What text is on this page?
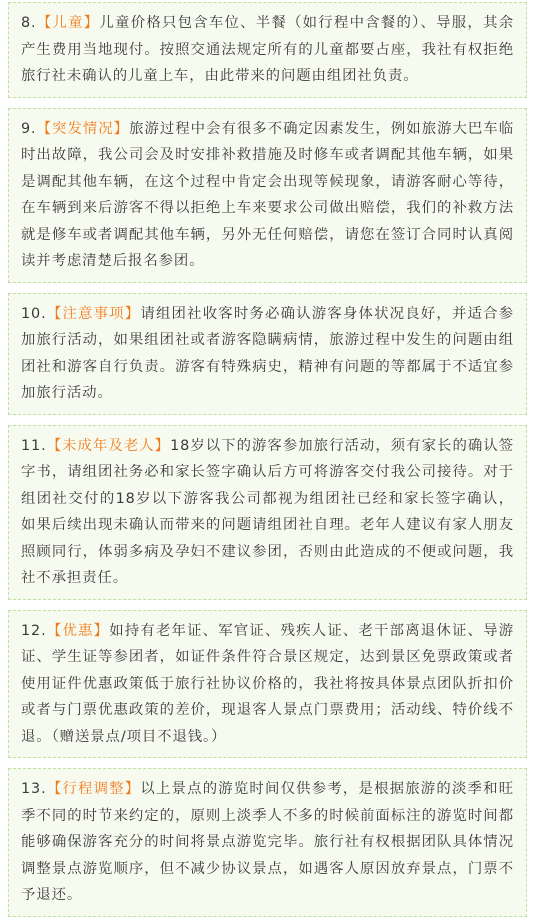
8.【儿童】儿童价格只包含车位、半餐（如行程中含餐的）、导服，其余产生费用当地现付。按照交通法规定所有的儿童都要占座，我社有权拒绝旅行社未确认的儿童上车，由此带来的问题由组团社负责。

9.【突发情况】旅游过程中会有很多不确定因素发生，例如旅游大巴车临时出故障，我公司会及时安排补救措施及时修车或者调配其他车辆，如果是调配其他车辆，在这个过程中肯定会出现等候现象，请游客耐心等待，在车辆到来后游客不得以拒绝上车来要求公司做出赔偿，我们的补救方法就是修车或者调配其他车辆，另外无任何赔偿，请您在签订合同时认真阅读并考虑清楚后报名参团。

10.【注意事项】请组团社收客时务必确认游客身体状况良好，并适合参加旅行活动，如果组团社或者游客隐瞒病情，旅游过程中发生的问题由组团社和游客自行负责。游客有特殊病史，精神有问题的等都属于不适宜参加旅行活动。

11.【未成年及老人】18岁以下的游客参加旅行活动，须有家长的确认签字书，请组团社务必和家长签字确认后方可将游客交付我公司接待。对于组团社交付的18岁以下游客我公司都视为组团社已经和家长签字确认，如果后续出现未确认而带来的问题请组团社自理。老年人建议有家人朋友照顾同行，体弱多病及孕妇不建议参团，否则由此造成的不便或问题，我社不承担责任。

12.【优惠】如持有老年证、军官证、残疾人证、老干部离退休证、导游证、学生证等参团者，如证件条件符合景区规定，达到景区免票政策或者使用证件优惠政策低于旅行社协议价格的，我社将按具体景点团队折扣价或者与门票优惠政策的差价，现退客人景点门票费用；活动线、特价线不退。（赠送景点/项目不退钱。）

13.【行程调整】以上景点的游览时间仅供参考，是根据旅游的淡季和旺季不同的时节来约定的，原则上淡季人不多的时候前面标注的游览时间都能够确保游客充分的时间将景点游览完毕。旅行社有权根据团队具体情况调整景点游览顺序，但不减少协议景点，如遇客人原因放弃景点，门票不予退还。
